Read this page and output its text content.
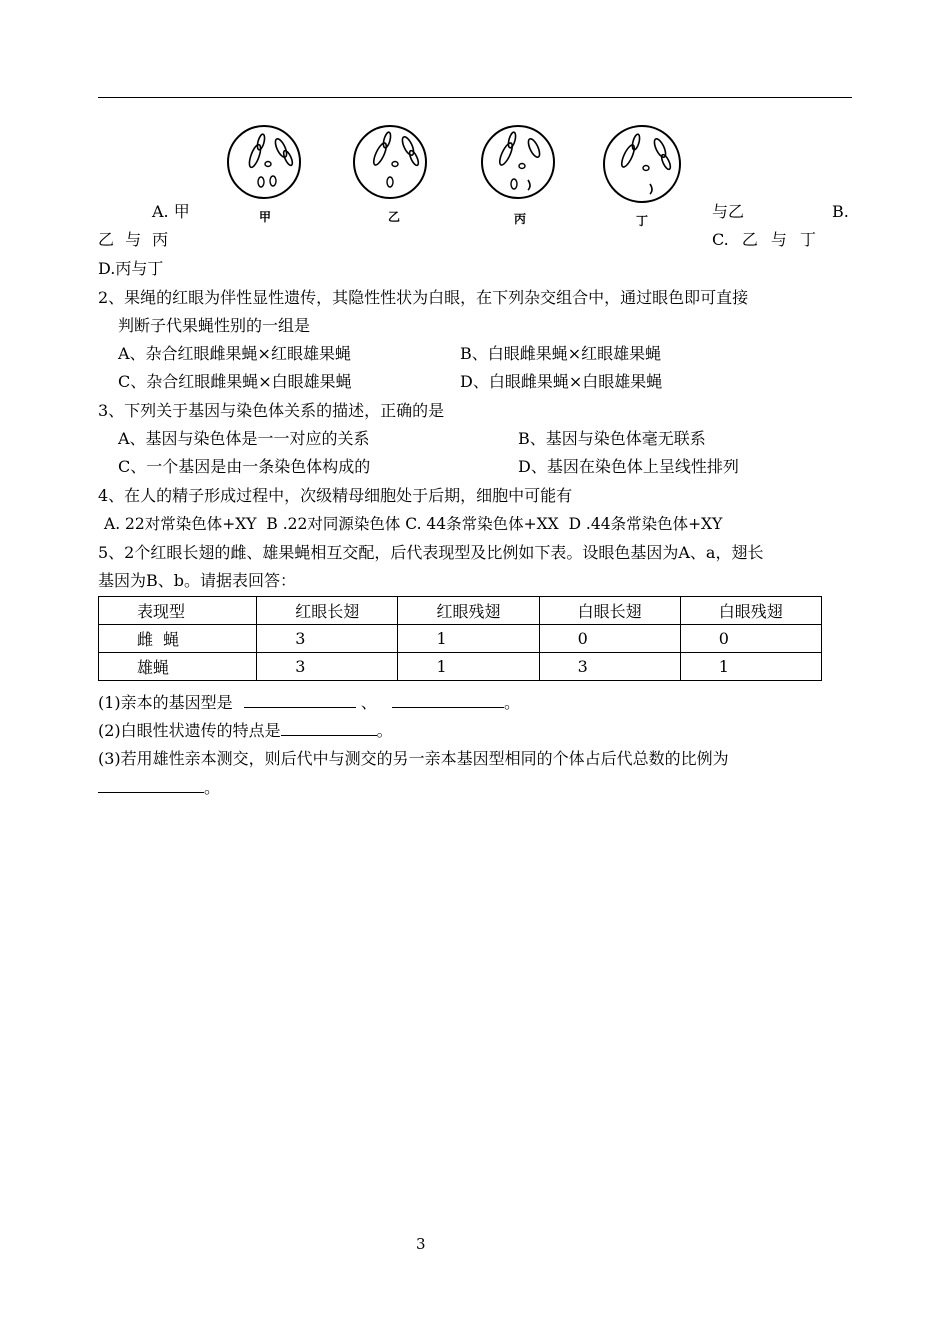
甲	乙	丙	丁
A. 甲	与乙	B.
乙 与 丙	C. 乙 与 丁
D.丙与丁
2、果绳的红眼为伴性显性遗传，其隐性性状为白眼，在下列杂交组合中，通过眼色即可直接
判断子代果蝇性别的一组是
A、杂合红眼雌果蝇×红眼雄果蝇	B、白眼雌果蝇×红眼雄果蝇
C、杂合红眼雌果蝇×白眼雄果蝇	D、白眼雌果蝇×白眼雄果蝇
3、下列关于基因与染色体关系的描述，正确的是
A、基因与染色体是一一对应的关系	B、基因与染色体毫无联系
C、一个基因是由一条染色体构成的	D、基因在染色体上呈线性排列
4、在人的精子形成过程中，次级精母细胞处于后期，细胞中可能有
A. 22对常染色体+XY  B .22对同源染色体 C. 44条常染色体+XX  D .44条常染色体+XY
5、2个红眼长翅的雌、雄果蝇相互交配，后代表现型及比例如下表。设眼色基因为A、a，翅长
基因为B、b。请据表回答：
表现型	红眼长翅	红眼残翅	白眼长翅	白眼残翅
雌  蝇	3	1	0	0
雄蝇	3	1	3	1
(1)亲本的基因型是	、	。
(2)白眼性状遗传的特点是	。
(3)若用雄性亲本测交，则后代中与测交的另一亲本基因型相同的个体占后代总数的比例为
。
3
